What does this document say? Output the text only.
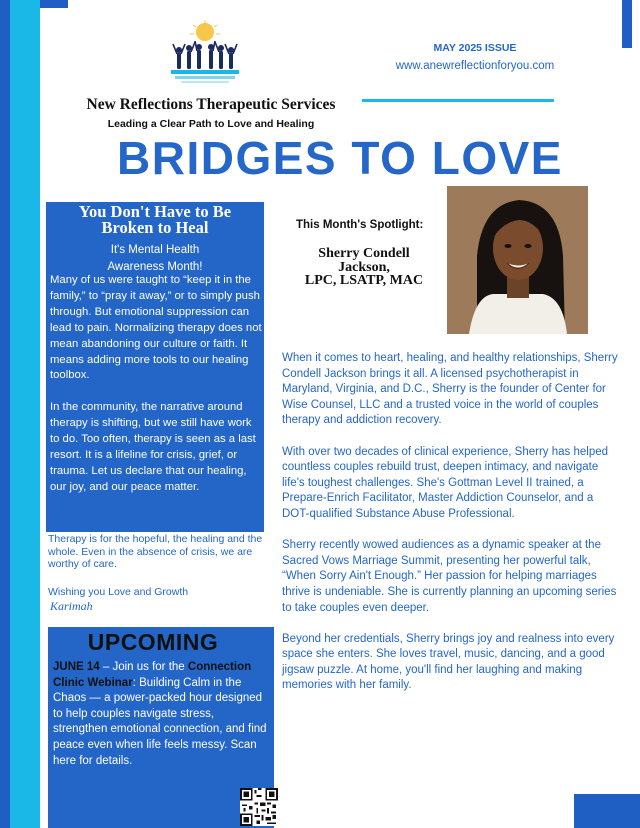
New Reflections Therapeutic Services
Leading a Clear Path to Love and Healing
MAY 2025 ISSUE
www.anewreflectionforyou.com
BRIDGES TO LOVE
You Don't Have to Be
Broken to Heal
It's Mental Health
Awareness Month!

Many of us were taught to “keep it in the family,” to “pray it away,” or to simply push through. But emotional suppression can lead to pain. Normalizing therapy does not mean abandoning our culture or faith. It means adding more tools to our healing toolbox.

In the community, the narrative around therapy is shifting, but we still have work to do. Too often, therapy is seen as a last resort. It is a lifeline for crisis, grief, or trauma. Let us declare that our healing, our joy, and our peace matter.

Therapy is for the hopeful, the healing and the whole. Even in the absence of crisis, we are worthy of care.
Wishing you Love and Growth
Karimah
UPCOMING
JUNE 14 – Join us for the Connection Clinic Webinar: Building Calm in the Chaos — a power-packed hour designed to help couples navigate stress, strengthen emotional connection, and find peace even when life feels messy. Scan here for details.
This Month's Spotlight:
Sherry Condell
Jackson,
LPC, LSATP, MAC

When it comes to heart, healing, and healthy relationships, Sherry Condell Jackson brings it all. A licensed psychotherapist in Maryland, Virginia, and D.C., Sherry is the founder of Center for Wise Counsel, LLC and a trusted voice in the world of couples therapy and addiction recovery.

With over two decades of clinical experience, Sherry has helped countless couples rebuild trust, deepen intimacy, and navigate life's toughest challenges. She's Gottman Level II trained, a Prepare-Enrich Facilitator, Master Addiction Counselor, and a DOT-qualified Substance Abuse Professional.

Sherry recently wowed audiences as a dynamic speaker at the Sacred Vows Marriage Summit, presenting her powerful talk, “When Sorry Ain't Enough.” Her passion for helping marriages thrive is undeniable. She is currently planning an upcoming series to take couples even deeper.

Beyond her credentials, Sherry brings joy and realness into every space she enters. She loves travel, music, dancing, and a good jigsaw puzzle. At home, you'll find her laughing and making memories with her family.
